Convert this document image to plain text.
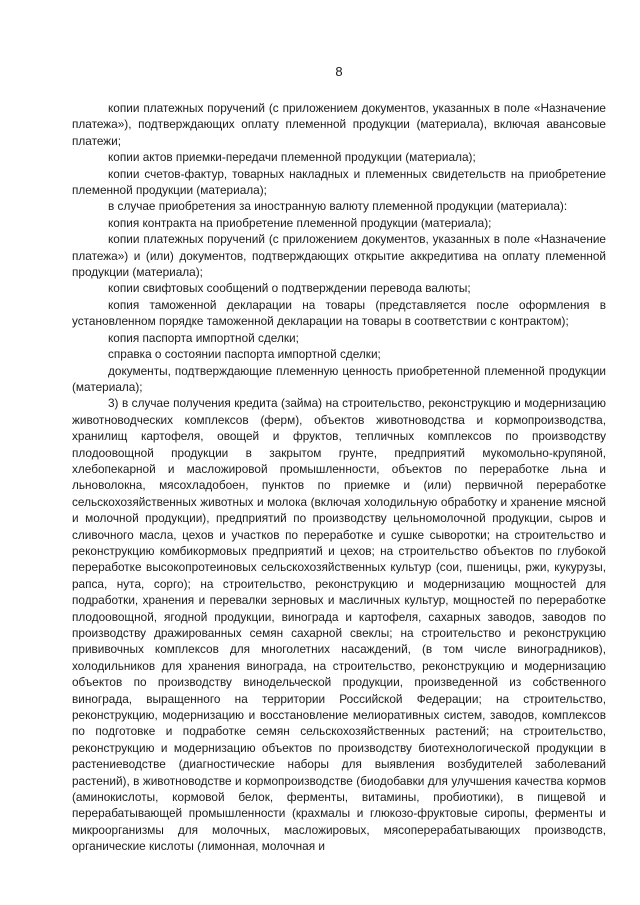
8

копии платежных поручений (с приложением документов, указанных в поле «Назначение платежа»), подтверждающих оплату племенной продукции (материала), включая авансовые платежи;

копии актов приемки-передачи племенной продукции (материала);

копии счетов-фактур, товарных накладных и племенных свидетельств на приобретение племенной продукции (материала);

в случае приобретения за иностранную валюту племенной продукции (материала):

копия контракта на приобретение племенной продукции (материала);

копии платежных поручений (с приложением документов, указанных в поле «Назначение платежа») и (или) документов, подтверждающих открытие аккредитива на оплату племенной продукции (материала);

копии свифтовых сообщений о подтверждении перевода валюты;

копия таможенной декларации на товары (представляется после оформления в установленном порядке таможенной декларации на товары в соответствии с контрактом);

копия паспорта импортной сделки;

справка о состоянии паспорта импортной сделки;

документы, подтверждающие племенную ценность приобретенной племенной продукции (материала);

3) в случае получения кредита (займа) на строительство, реконструкцию и модернизацию животноводческих комплексов (ферм), объектов животноводства и кормопроизводства, хранилищ картофеля, овощей и фруктов, тепличных комплексов по производству плодоовощной продукции в закрытом грунте, предприятий мукомольно-крупяной, хлебопекарной и масложировой промышленности, объектов по переработке льна и льноволокна, мясохладобоен, пунктов по приемке и (или) первичной переработке сельскохозяйственных животных и молока (включая холодильную обработку и хранение мясной и молочной продукции), предприятий по производству цельномолочной продукции, сыров и сливочного масла, цехов и участков по переработке и сушке сыворотки; на строительство и реконструкцию комбикормовых предприятий и цехов; на строительство объектов по глубокой переработке высокопротеиновых сельскохозяйственных культур (сои, пшеницы, ржи, кукурузы, рапса, нута, сорго); на строительство, реконструкцию и модернизацию мощностей для подработки, хранения и перевалки зерновых и масличных культур, мощностей по переработке плодоовощной, ягодной продукции, винограда и картофеля, сахарных заводов, заводов по производству дражированных семян сахарной свеклы; на строительство и реконструкцию прививочных комплексов для многолетних насаждений, (в том числе виноградников), холодильников для хранения винограда, на строительство, реконструкцию и модернизацию объектов по производству винодельческой продукции, произведенной из собственного винограда, выращенного на территории Российской Федерации; на строительство, реконструкцию, модернизацию и восстановление мелиоративных систем, заводов, комплексов по подготовке и подработке семян сельскохозяйственных растений; на строительство, реконструкцию и модернизацию объектов по производству биотехнологической продукции в растениеводстве (диагностические наборы для выявления возбудителей заболеваний растений), в животноводстве и кормопроизводстве (биодобавки для улучшения качества кормов (аминокислоты, кормовой белок, ферменты, витамины, пробиотики), в пищевой и перерабатывающей промышленности (крахмалы и глюкозо-фруктовые сиропы, ферменты и микроорганизмы для молочных, масложировых, мясоперерабатывающих производств, органические кислоты (лимонная, молочная и
